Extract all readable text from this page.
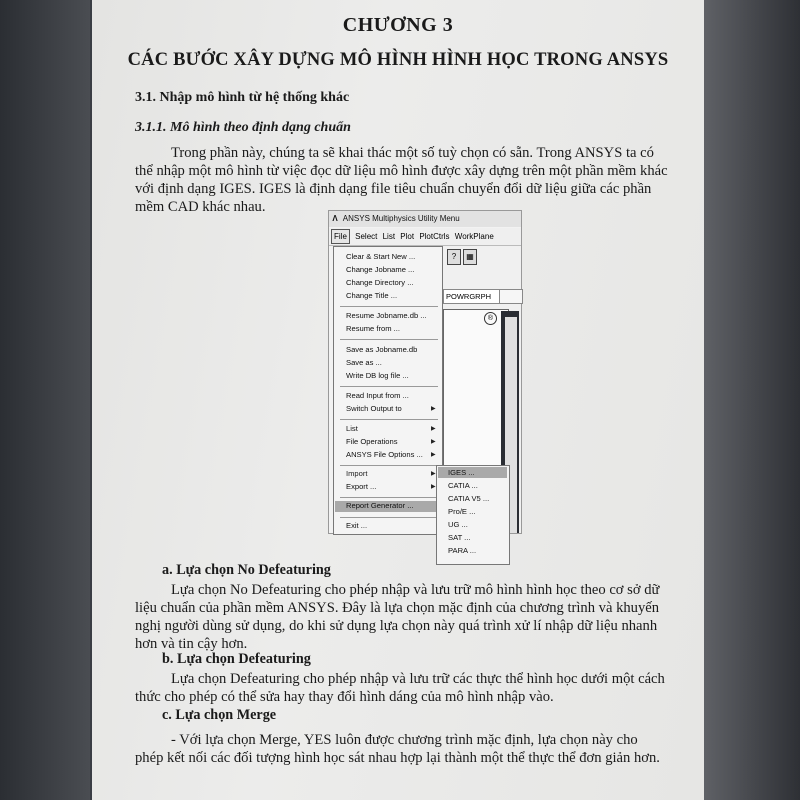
CHƯƠNG 3
CÁC BƯỚC XÂY DỰNG MÔ HÌNH HÌNH HỌC TRONG ANSYS
3.1. Nhập mô hình từ hệ thống khác
3.1.1. Mô hình theo định dạng chuẩn

Trong phần này, chúng ta sẽ khai thác một số tuỳ chọn có sẵn. Trong ANSYS ta có

thể nhập một mô hình từ việc đọc dữ liệu mô hình được xây dựng trên một phần mềm khác

với định dạng IGES. IGES là định dạng file tiêu chuẩn chuyển đổi dữ liệu giữa các phần

mềm CAD khác nhau.

Λ ANSYS Multiphysics Utility Menu
File Select List Plot PlotCtrls WorkPlane
?	▦
POWRGRPH
®
Clear & Start New ...
Change Jobname ...
Change Directory ...
Change Title ...
Resume Jobname.db ...
Resume from ...
Save as Jobname.db
Save as ...
Write DB log file ...
Read Input from ...
Switch Output to	▶
List	▶
File Operations	▶
ANSYS File Options ... ▶
Import	▶
Export ...	▶
Report Generator ...
Exit ...
IGES ...
CATIA ...
CATIA V5 ...
Pro/E ...
UG ...
SAT ...
PARA ...
a. Lựa chọn No Defeaturing

Lựa chọn No Defeaturing cho phép nhập và lưu trữ mô hình hình học theo cơ sở dữ

liệu chuẩn của phần mềm ANSYS. Đây là lựa chọn mặc định của chương trình và khuyến

nghị người dùng sử dụng, do khi sử dụng lựa chọn này quá trình xử lí nhập dữ liệu nhanh

hơn và tin cậy hơn.

b. Lựa chọn Defeaturing

Lựa chọn Defeaturing cho phép nhập và lưu trữ các thực thể hình học dưới một cách

thức cho phép có thể sửa hay thay đổi hình dáng của mô hình nhập vào.

c. Lựa chọn Merge

- Với lựa chọn Merge, YES luôn được chương trình mặc định, lựa chọn này cho

phép kết nối các đối tượng hình học sát nhau hợp lại thành một thể thực thể đơn giản hơn.
